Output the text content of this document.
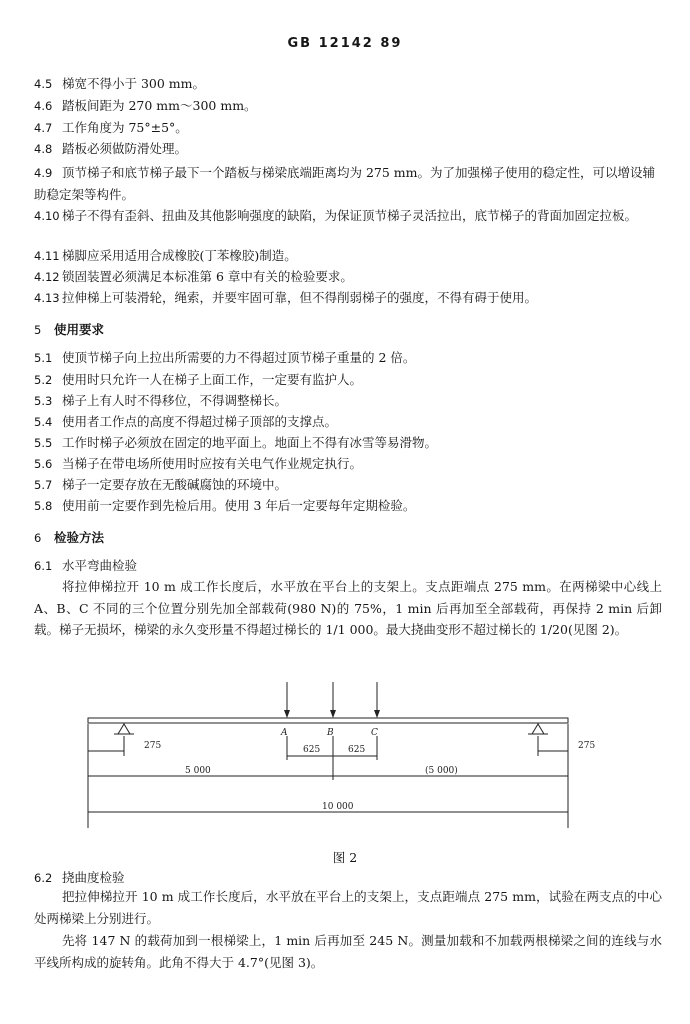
GB 12142 89
4.5 梯宽不得小于 300 mm。
4.6 踏板间距为 270 mm～300 mm。
4.7 工作角度为 75°±5°。
4.8 踏板必须做防滑处理。
4.9 顶节梯子和底节梯子最下一个踏板与梯梁底端距离均为 275 mm。为了加强梯子使用的稳定性，可以增设辅助稳定架等构件。
4.10 梯子不得有歪斜、扭曲及其他影响强度的缺陷，为保证顶节梯子灵活拉出，底节梯子的背面加固定拉板。
4.11 梯脚应采用适用合成橡胶(丁苯橡胶)制造。
4.12 锁固装置必须满足本标准第 6 章中有关的检验要求。
4.13 拉伸梯上可装滑轮，绳索，并要牢固可靠，但不得削弱梯子的强度，不得有碍于使用。
5 使用要求
5.1 使顶节梯子向上拉出所需要的力不得超过顶节梯子重量的 2 倍。
5.2 使用时只允许一人在梯子上面工作，一定要有监护人。
5.3 梯子上有人时不得移位，不得调整梯长。
5.4 使用者工作点的高度不得超过梯子顶部的支撑点。
5.5 工作时梯子必须放在固定的地平面上。地面上不得有冰雪等易滑物。
5.6 当梯子在带电场所使用时应按有关电气作业规定执行。
5.7 梯子一定要存放在无酸碱腐蚀的环境中。
5.8 使用前一定要作到先检后用。使用 3 年后一定要每年定期检验。
6 检验方法
6.1 水平弯曲检验
将拉伸梯拉开 10 m 成工作长度后，水平放在平台上的支架上。支点距端点 275 mm。在两梯梁中心线上 A、B、C 不同的三个位置分别先加全部载荷(980 N)的 75%，1 min 后再加至全部载荷，再保持 2 min 后卸载。梯子无损坏，梯梁的永久变形量不得超过梯长的 1/1 000。最大挠曲变形不超过梯长的 1/20(见图 2)。
A	B	C
275	275
625	625
5 000	(5 000)
10 000
图 2
6.2 挠曲度检验
把拉伸梯拉开 10 m 成工作长度后，水平放在平台上的支架上，支点距端点 275 mm，试验在两支点的中心处两梯梁上分别进行。
先将 147 N 的载荷加到一根梯梁上，1 min 后再加至 245 N。测量加载和不加载两根梯梁之间的连线与水平线所构成的旋转角。此角不得大于 4.7°(见图 3)。
